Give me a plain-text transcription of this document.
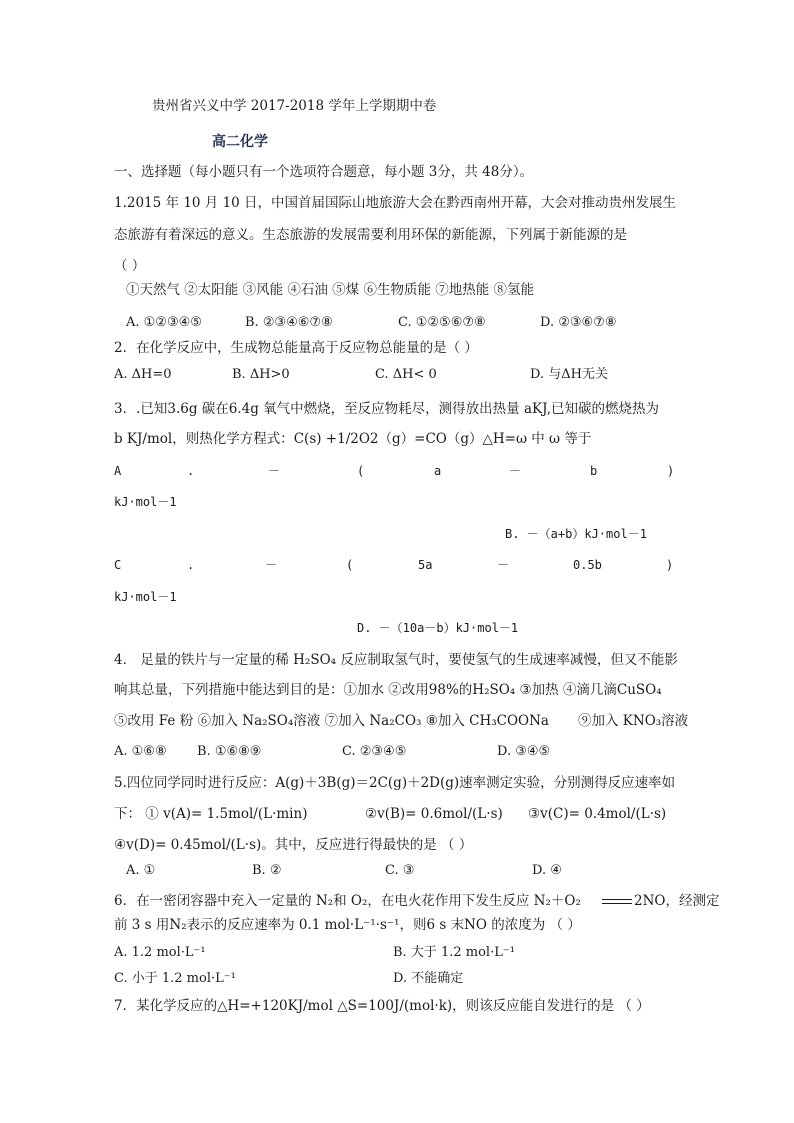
贵州省兴义中学 2017-2018 学年上学期期中卷
高二化学
一、选择题（每小题只有一个选项符合题意，每小题 3分，共 48分）。
1.2015 年 10 月 10 日，中国首届国际山地旅游大会在黔西南州开幕，大会对推动贵州发展生
态旅游有着深远的意义。生态旅游的发展需要利用环保的新能源，下列属于新能源的是
（ ）
①天然气 ②太阳能 ③风能 ④石油 ⑤煤 ⑥生物质能 ⑦地热能 ⑧氢能
A. ①②③④⑤	B. ②③④⑥⑦⑧	C. ①②⑤⑥⑦⑧	D. ②③⑥⑦⑧
2．在化学反应中，生成物总能量高于反应物总能量的是（ ）
A. ΔH=0	B. ΔH>0	C. ΔH< 0	D. 与ΔH无关
3．.已知3.6g 碳在6.4g 氧气中燃烧，至反应物耗尽，测得放出热量 aKJ,已知碳的燃烧热为
b KJ/mol，则热化学方程式：C(s) +1/2O2（g）=CO（g）△H=ω 中 ω 等于
A	.	－	(	a	－	b	)
kJ·mol－1
B. －（a+b）kJ·mol－1
C	.	－	(	5a	－	0.5b	)
kJ·mol－1
D. －（10a－b）kJ·mol－1
4． 足量的铁片与一定量的稀 H₂SO₄ 反应制取氢气时，要使氢气的生成速率减慢，但又不能影
响其总量，下列措施中能达到目的是：①加水 ②改用98%的H₂SO₄ ③加热 ④滴几滴CuSO₄
⑤改用 Fe 粉 ⑥加入 Na₂SO₄溶液 ⑦加入 Na₂CO₃ ⑧加入 CH₃COONa ⑨加入 KNO₃溶液
A. ①⑥⑧ B. ①⑥⑧⑨	C. ②③④⑤	D. ③④⑤
5.四位同学同时进行反应：A(g)＋3B(g)＝2C(g)＋2D(g)速率测定实验，分别测得反应速率如
下： ① v(A)= 1.5mol/(L·min)	②v(B)= 0.6mol/(L·s) ③v(C)= 0.4mol/(L·s)
④v(D)= 0.45mol/(L·s)。其中，反应进行得最快的是 （ ）
A. ①	B. ②	C. ③	D. ④
6．在一密闭容器中充入一定量的 N₂和 O₂，在电火花作用下发生反应 N₂＋O₂	2NO，经测定
前 3 s 用N₂表示的反应速率为 0.1 mol·L⁻¹·s⁻¹，则6 s 末NO 的浓度为 （ ）
A. 1.2 mol·L⁻¹	B. 大于 1.2 mol·L⁻¹
C. 小于 1.2 mol·L⁻¹	D. 不能确定
7．某化学反应的△H=+120KJ/mol △S=100J/(mol·k)，则该反应能自发进行的是 （ ）
